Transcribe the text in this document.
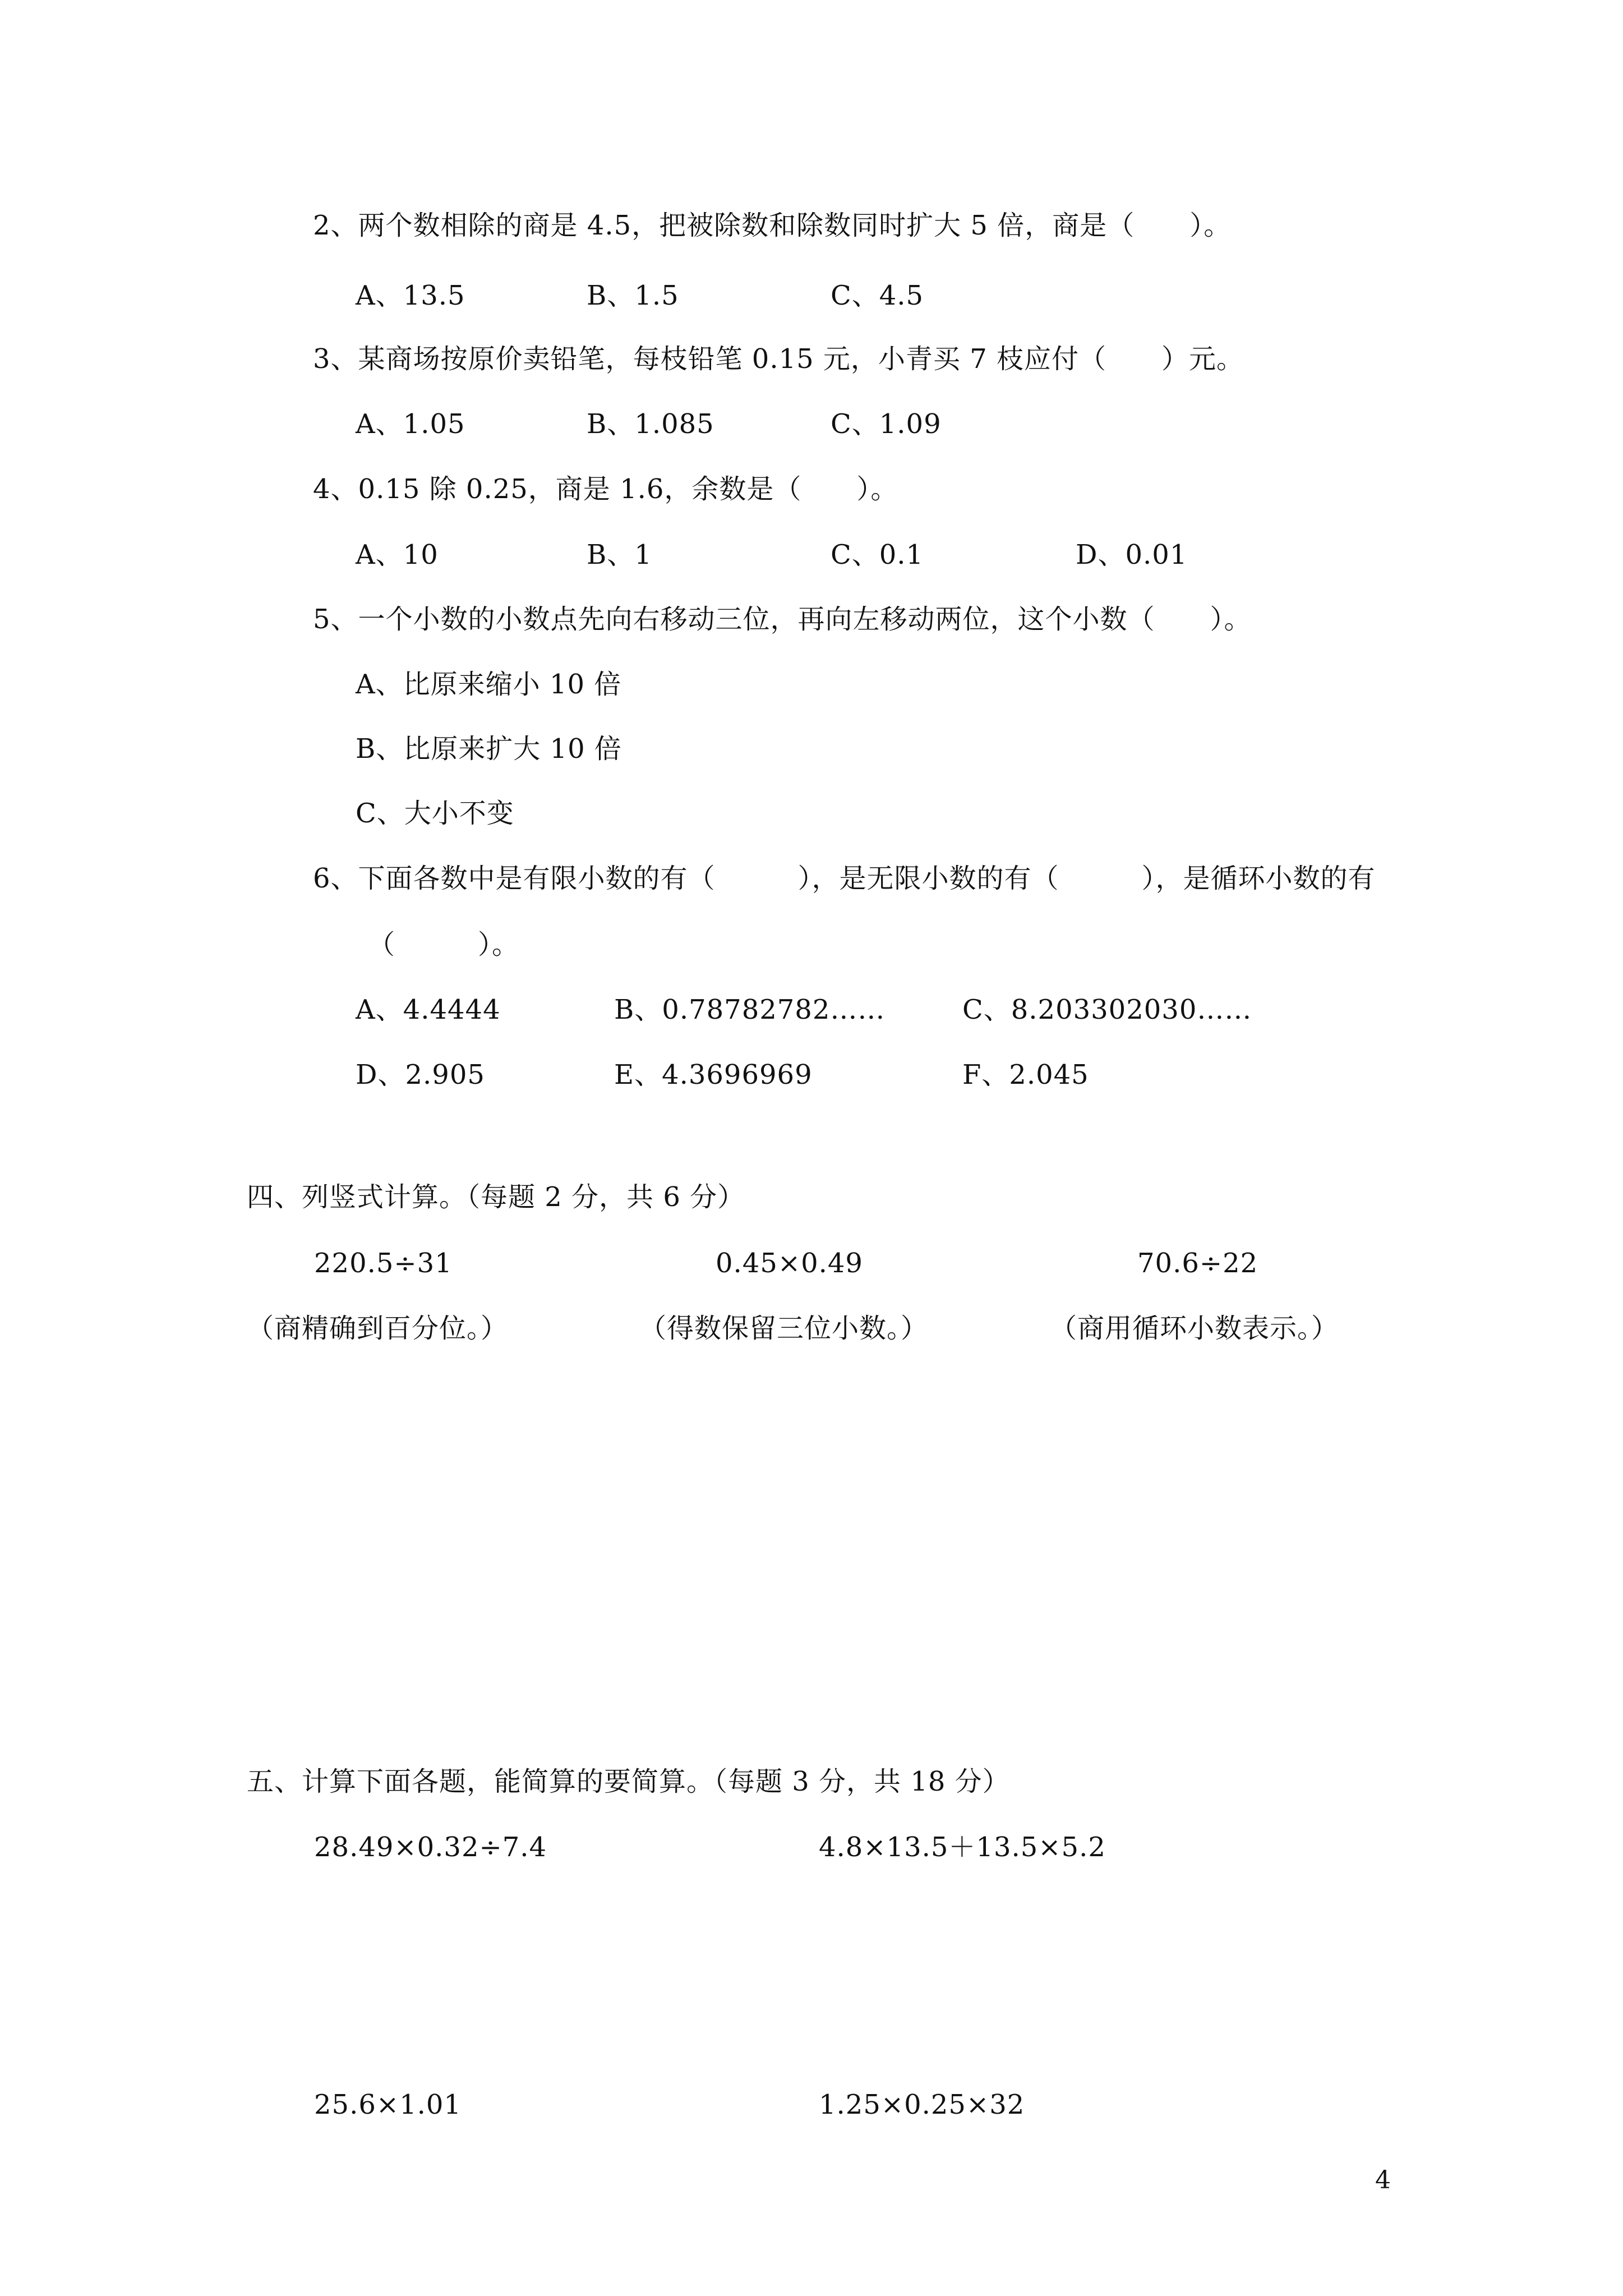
2、两个数相除的商是 4.5，把被除数和除数同时扩大 5 倍，商是（　　）。
A、13.5	B、1.5	C、4.5
3、某商场按原价卖铅笔，每枝铅笔 0.15 元，小青买 7 枝应付（　　）元。
A、1.05	B、1.085	C、1.09
4、0.15 除 0.25，商是 1.6，余数是（　　）。
A、10	B、1	C、0.1	D、0.01
5、一个小数的小数点先向右移动三位，再向左移动两位，这个小数（　　）。
A、比原来缩小 10 倍
B、比原来扩大 10 倍
C、大小不变
6、下面各数中是有限小数的有（　　　），是无限小数的有（　　　），是循环小数的有
（　　　）。
A、4.4444	B、0.78782782……	C、8.203302030……
D、2.905	E、4.3696969	F、2.045
四、列竖式计算。（每题 2 分，共 6 分）
220.5÷31	0.45×0.49	70.6÷22
（商精确到百分位。）	（得数保留三位小数。）	（商用循环小数表示。）
五、计算下面各题，能简算的要简算。（每题 3 分，共 18 分）
28.49×0.32÷7.4	4.8×13.5＋13.5×5.2
25.6×1.01	1.25×0.25×32
4
